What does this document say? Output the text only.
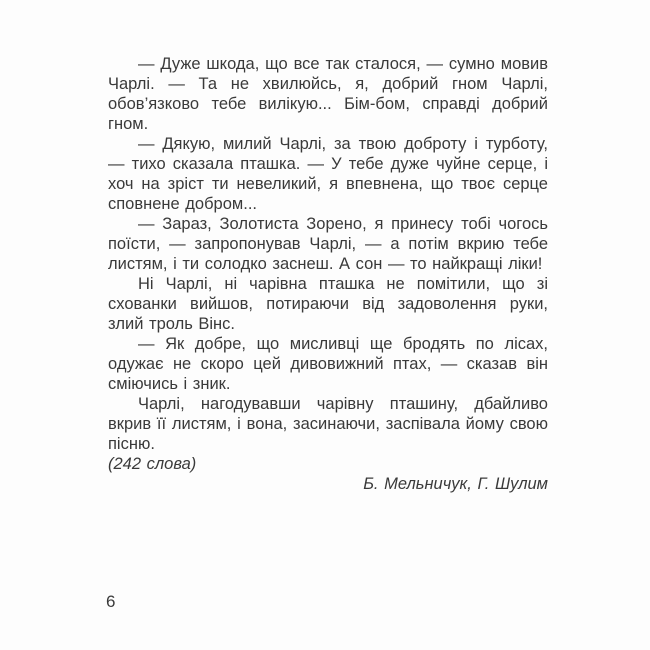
— Дуже шкода, що все так сталося, — сумно мовив Чарлі. — Та не хвилюйсь, я, добрий гном Чарлі, обов’язково тебе вилікую... Бім-бом, справді добрий гном.

— Дякую, милий Чарлі, за твою доброту і турботу, — тихо сказала пташка. — У тебе дуже чуйне серце, і хоч на зріст ти невеликий, я впевнена, що твоє серце сповнене добром...

— Зараз, Золотиста Зорено, я принесу тобі чогось поїсти, — запропонував Чарлі, — а потім вкрию тебе листям, і ти солодко заснеш. А сон — то найкращі ліки!

Ні Чарлі, ні чарівна пташка не помітили, що зі схованки вийшов, потираючи від задоволення руки, злий троль Вінс.

— Як добре, що мисливці ще бродять по лісах, одужає не скоро цей дивовижний птах, — сказав він сміючись і зник.

Чарлі, нагодувавши чарівну пташину, дбайливо вкрив її листям, і вона, засинаючи, заспівала йому свою пісню.

(242 слова)

Б. Мельничук, Г. Шулим

6
